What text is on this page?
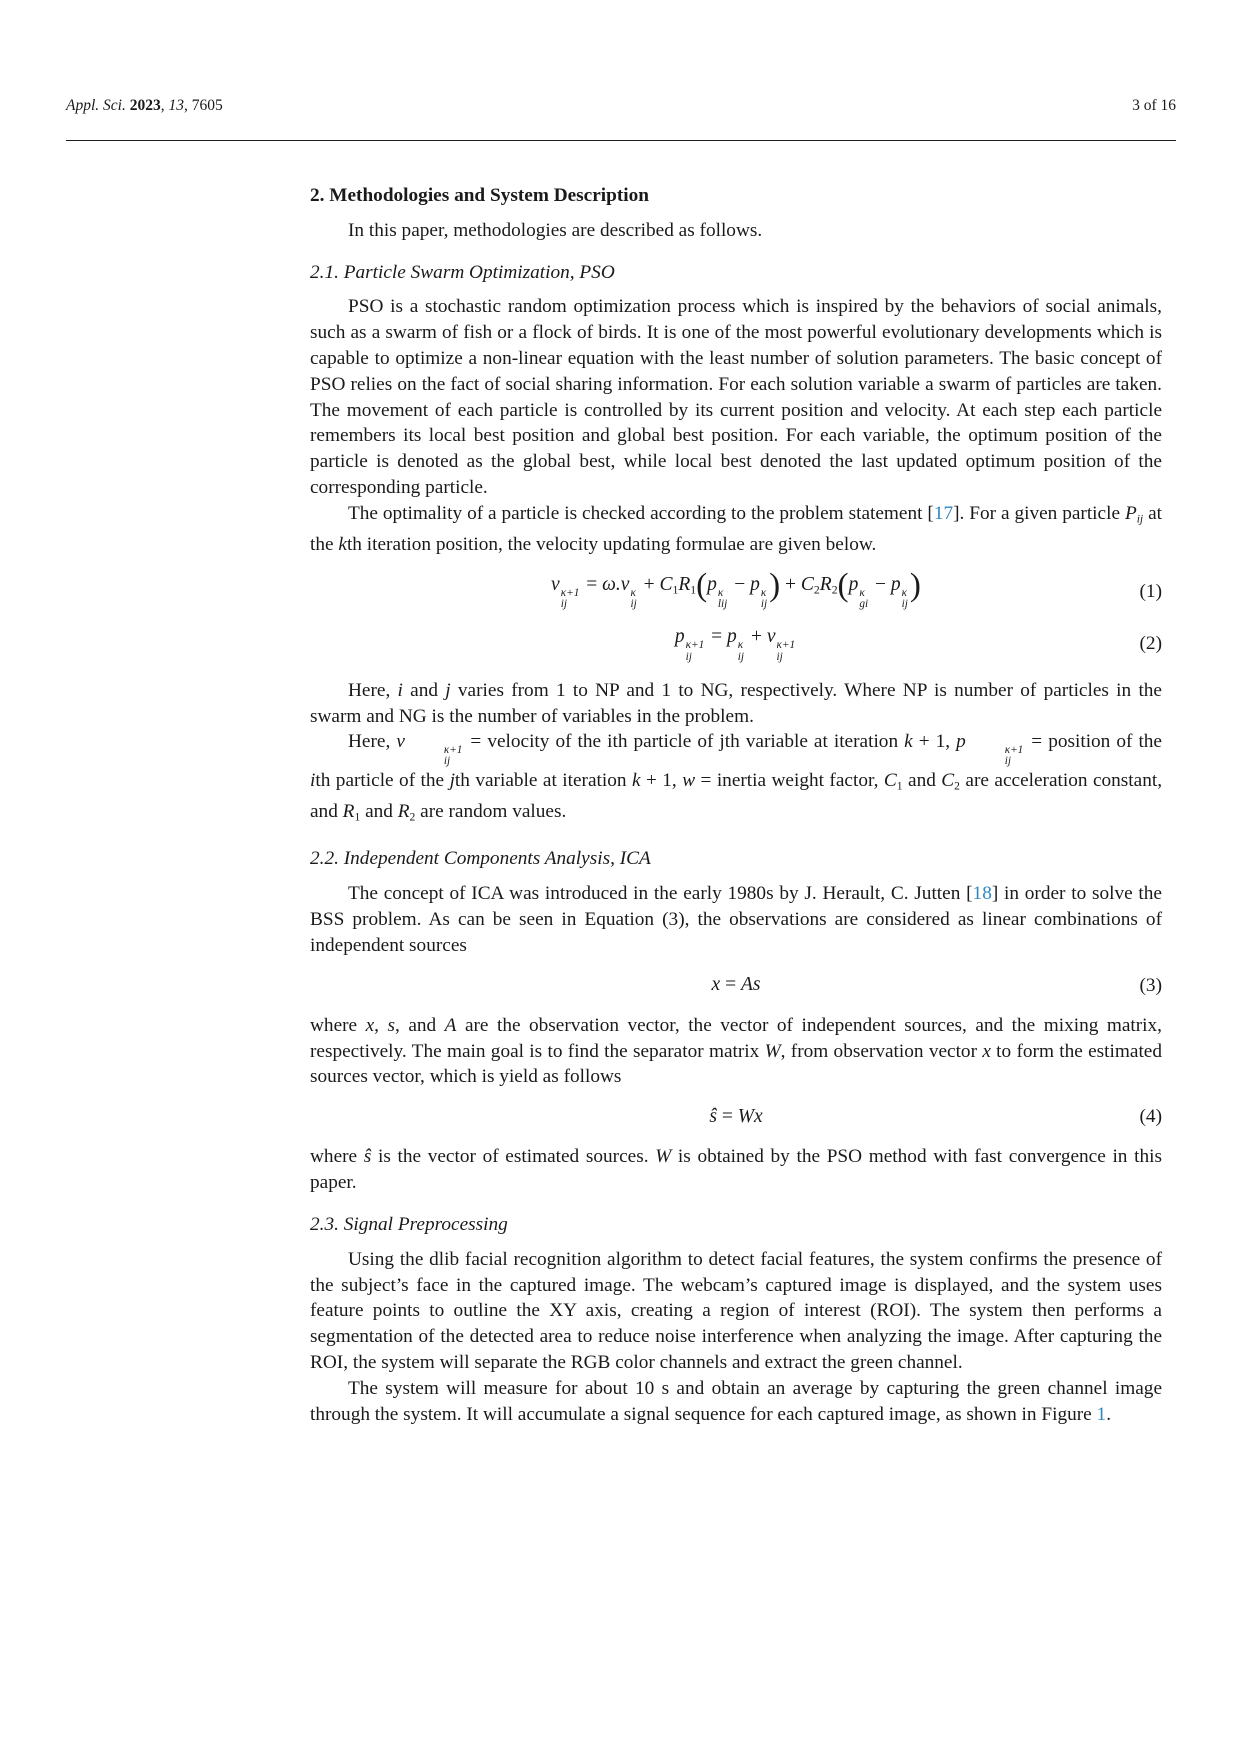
Appl. Sci. 2023, 13, 7605	3 of 16
2. Methodologies and System Description

In this paper, methodologies are described as follows.

2.1. Particle Swarm Optimization, PSO

PSO is a stochastic random optimization process which is inspired by the behaviors of social animals, such as a swarm of fish or a flock of birds. It is one of the most powerful evolutionary developments which is capable to optimize a non-linear equation with the least number of solution parameters. The basic concept of PSO relies on the fact of social sharing information. For each solution variable a swarm of particles are taken. The movement of each particle is controlled by its current position and velocity. At each step each particle remembers its local best position and global best position. For each variable, the optimum position of the particle is denoted as the global best, while local best denoted the last updated optimum position of the corresponding particle.

The optimality of a particle is checked according to the problem statement [17]. For a given particle Pij at the kth iteration position, the velocity updating formulae are given below.

v κ+1
ij
= ω.v κ
ij
+ C1R1(p κ
lij
− p κ
ij
) + C2R2(p κ
gi
− p κ
ij
)	(1)
p κ+1
ij
= p κ
ij
+ v κ+1
ij
(2)

Here, i and j varies from 1 to NP and 1 to NG, respectively. Where NP is number of particles in the swarm and NG is the number of variables in the problem.

Here, v	κ+1
ij
= velocity of the ith particle of jth variable at iteration k + 1, p	κ+1
ij
= position of the ith particle of the jth variable at iteration k + 1, w = inertia weight factor, C1 and C2 are acceleration constant, and R1 and R2 are random values.

2.2. Independent Components Analysis, ICA

The concept of ICA was introduced in the early 1980s by J. Herault, C. Jutten [18] in order to solve the BSS problem. As can be seen in Equation (3), the observations are considered as linear combinations of independent sources

x = As	(3)

where x, s, and A are the observation vector, the vector of independent sources, and the mixing matrix, respectively. The main goal is to find the separator matrix W, from observation vector x to form the estimated sources vector, which is yield as follows

ŝ = Wx	(4)

where ŝ is the vector of estimated sources. W is obtained by the PSO method with fast convergence in this paper.

2.3. Signal Preprocessing

Using the dlib facial recognition algorithm to detect facial features, the system confirms the presence of the subject’s face in the captured image. The webcam’s captured image is displayed, and the system uses feature points to outline the XY axis, creating a region of interest (ROI). The system then performs a segmentation of the detected area to reduce noise interference when analyzing the image. After capturing the ROI, the system will separate the RGB color channels and extract the green channel.

The system will measure for about 10 s and obtain an average by capturing the green channel image through the system. It will accumulate a signal sequence for each captured image, as shown in Figure 1.
